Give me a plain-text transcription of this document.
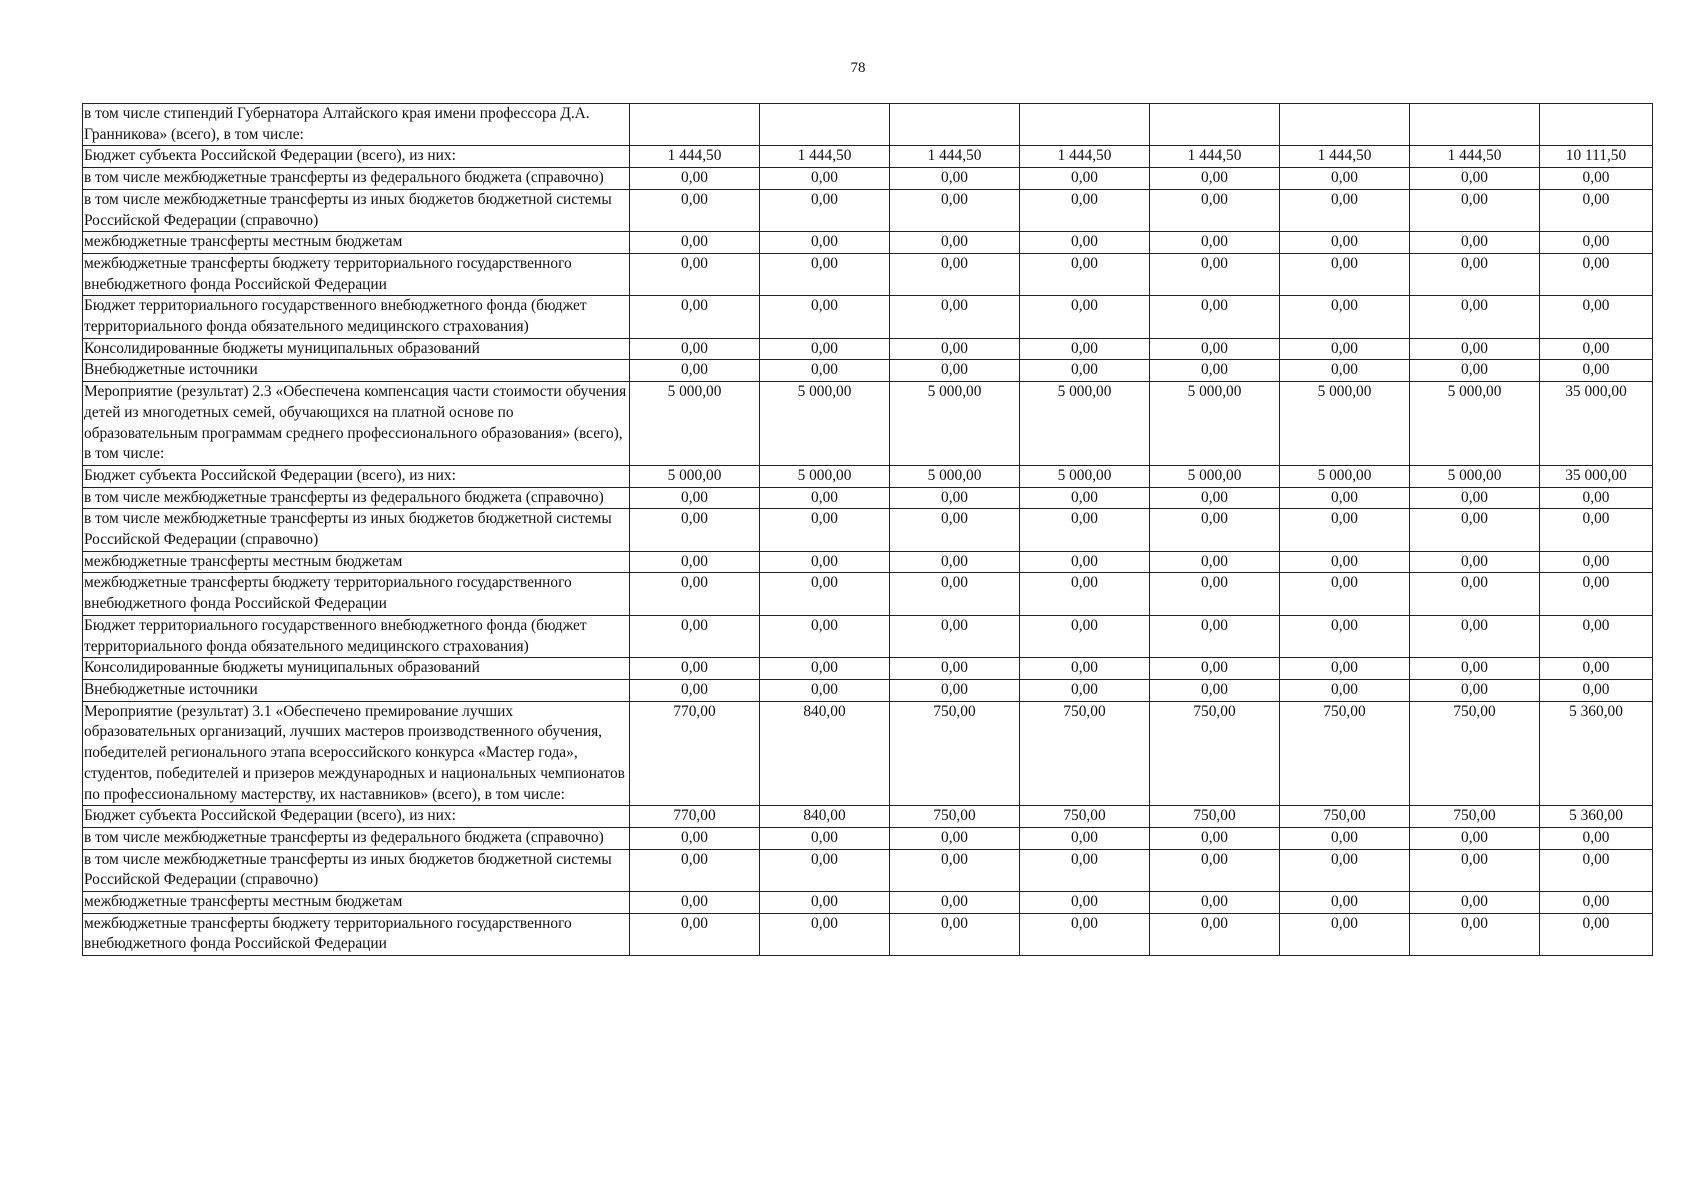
78
в том числе стипендий Губернатора Алтайского края имени профессора Д.А. Гранникова» (всего), в том числе:								
Бюджет субъекта Российской Федерации (всего), из них:	1 444,50	1 444,50	1 444,50	1 444,50	1 444,50	1 444,50	1 444,50	10 111,50
в том числе межбюджетные трансферты из федерального бюджета (справочно)	0,00	0,00	0,00	0,00	0,00	0,00	0,00	0,00
в том числе межбюджетные трансферты из иных бюджетов бюджетной системы Российской Федерации (справочно)	0,00	0,00	0,00	0,00	0,00	0,00	0,00	0,00
межбюджетные трансферты местным бюджетам	0,00	0,00	0,00	0,00	0,00	0,00	0,00	0,00
межбюджетные трансферты бюджету территориального государственного внебюджетного фонда Российской Федерации	0,00	0,00	0,00	0,00	0,00	0,00	0,00	0,00
Бюджет территориального государственного внебюджетного фонда (бюджет территориального фонда обязательного медицинского страхования)	0,00	0,00	0,00	0,00	0,00	0,00	0,00	0,00
Консолидированные бюджеты муниципальных образований	0,00	0,00	0,00	0,00	0,00	0,00	0,00	0,00
Внебюджетные источники	0,00	0,00	0,00	0,00	0,00	0,00	0,00	0,00
Мероприятие (результат) 2.3 «Обеспечена компенсация части стоимости обучения детей из многодетных семей, обучающихся на платной основе по образовательным программам среднего профессионального образования» (всего), в том числе:	5 000,00	5 000,00	5 000,00	5 000,00	5 000,00	5 000,00	5 000,00	35 000,00
Бюджет субъекта Российской Федерации (всего), из них:	5 000,00	5 000,00	5 000,00	5 000,00	5 000,00	5 000,00	5 000,00	35 000,00
в том числе межбюджетные трансферты из федерального бюджета (справочно)	0,00	0,00	0,00	0,00	0,00	0,00	0,00	0,00
в том числе межбюджетные трансферты из иных бюджетов бюджетной системы Российской Федерации (справочно)	0,00	0,00	0,00	0,00	0,00	0,00	0,00	0,00
межбюджетные трансферты местным бюджетам	0,00	0,00	0,00	0,00	0,00	0,00	0,00	0,00
межбюджетные трансферты бюджету территориального государственного внебюджетного фонда Российской Федерации	0,00	0,00	0,00	0,00	0,00	0,00	0,00	0,00
Бюджет территориального государственного внебюджетного фонда (бюджет территориального фонда обязательного медицинского страхования)	0,00	0,00	0,00	0,00	0,00	0,00	0,00	0,00
Консолидированные бюджеты муниципальных образований	0,00	0,00	0,00	0,00	0,00	0,00	0,00	0,00
Внебюджетные источники	0,00	0,00	0,00	0,00	0,00	0,00	0,00	0,00
Мероприятие (результат) 3.1 «Обеспечено премирование лучших образовательных организаций, лучших мастеров производственного обучения, победителей регионального этапа всероссийского конкурса «Мастер года», студентов, победителей и призеров международных и национальных чемпионатов по профессиональному мастерству, их наставников» (всего), в том числе:	770,00	840,00	750,00	750,00	750,00	750,00	750,00	5 360,00
Бюджет субъекта Российской Федерации (всего), из них:	770,00	840,00	750,00	750,00	750,00	750,00	750,00	5 360,00
в том числе межбюджетные трансферты из федерального бюджета (справочно)	0,00	0,00	0,00	0,00	0,00	0,00	0,00	0,00
в том числе межбюджетные трансферты из иных бюджетов бюджетной системы Российской Федерации (справочно)	0,00	0,00	0,00	0,00	0,00	0,00	0,00	0,00
межбюджетные трансферты местным бюджетам	0,00	0,00	0,00	0,00	0,00	0,00	0,00	0,00
межбюджетные трансферты бюджету территориального государственного внебюджетного фонда Российской Федерации	0,00	0,00	0,00	0,00	0,00	0,00	0,00	0,00
